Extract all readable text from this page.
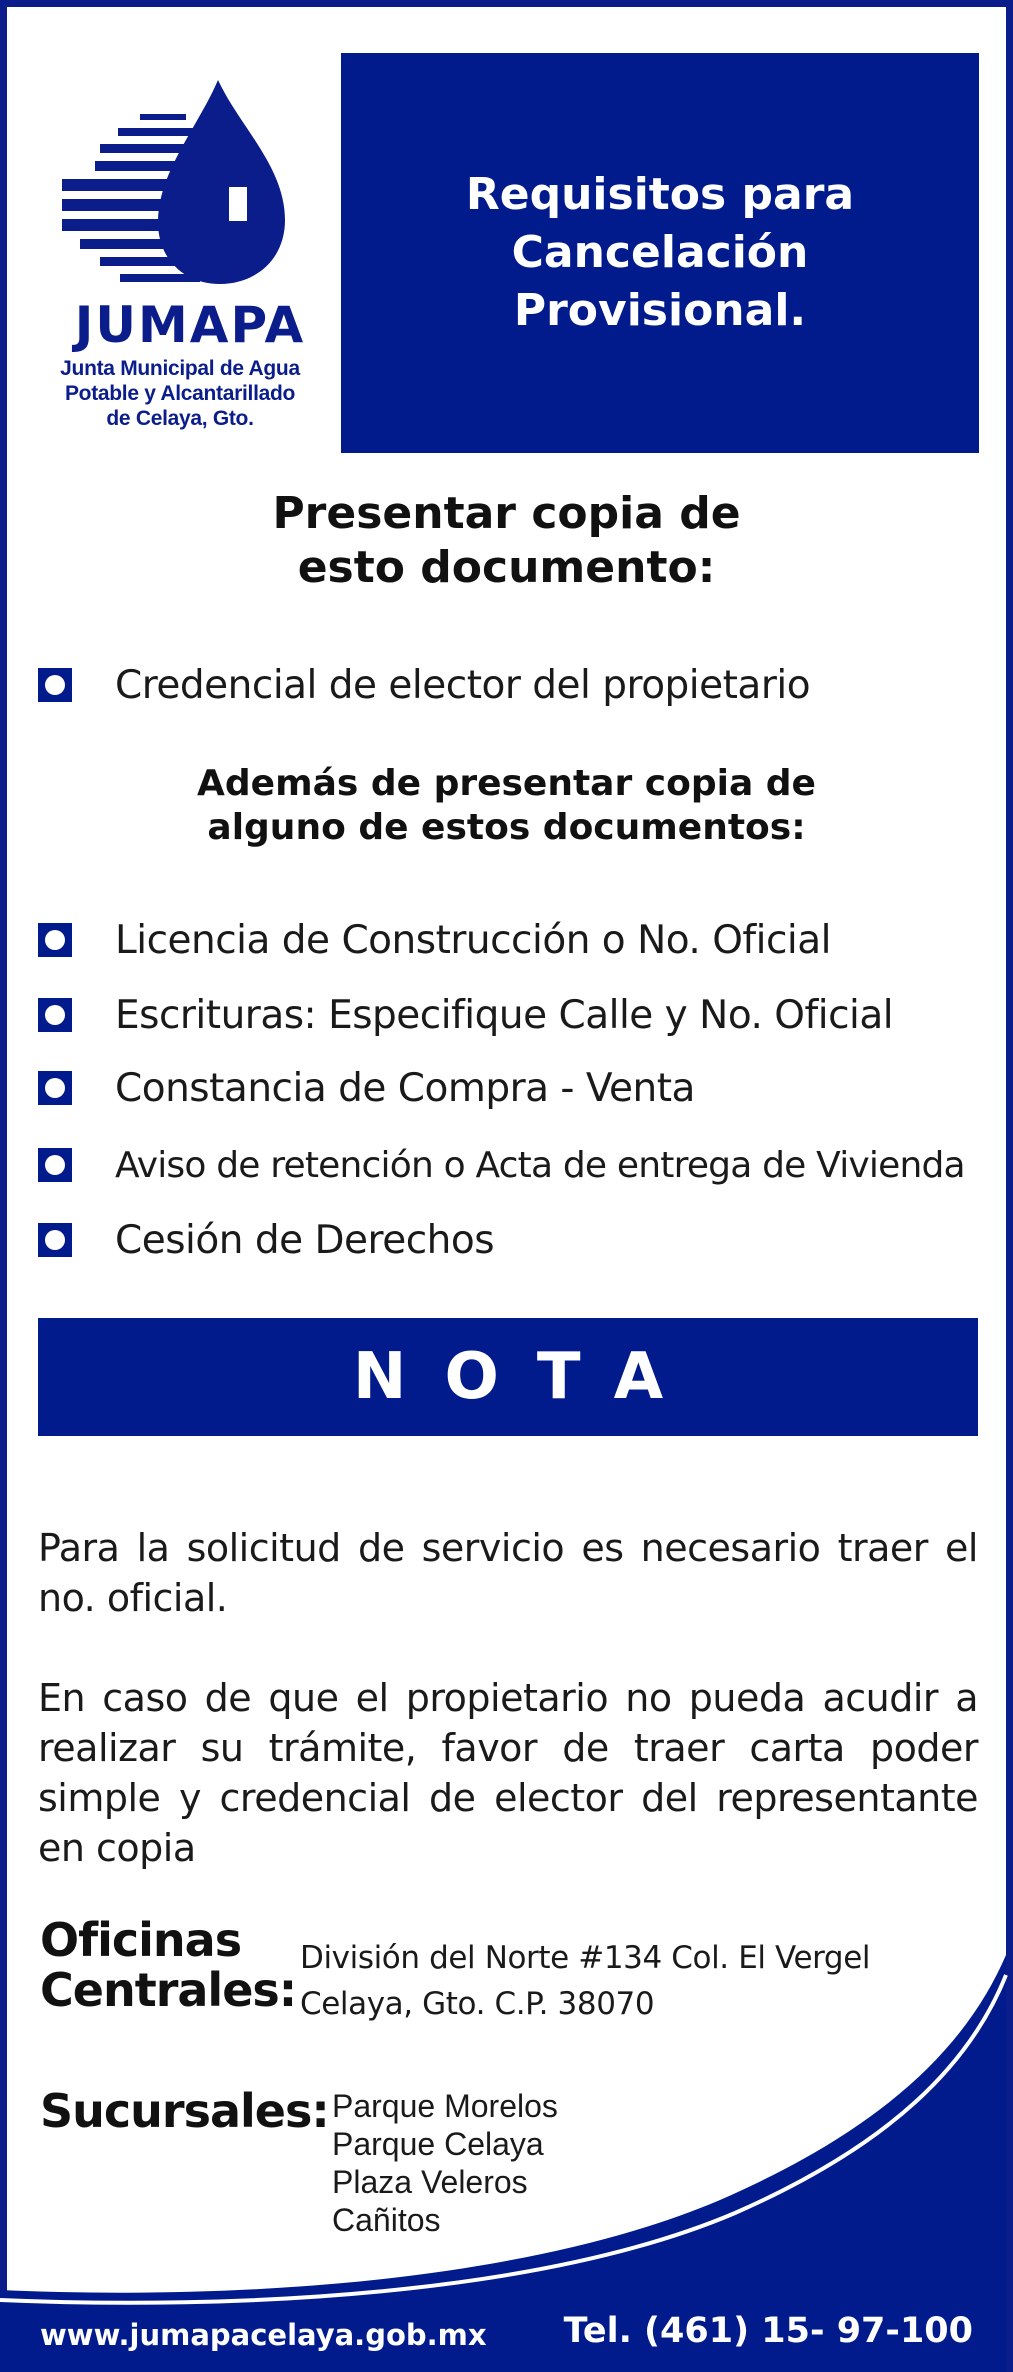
JUMAPA
Junta Municipal de Agua
Potable y Alcantarillado
de Celaya, Gto.
Requisitos para
Cancelación
Provisional.
Presentar copia de
esto documento:
Credencial de elector del propietario
Además de presentar copia de
alguno de estos documentos:
Licencia de Construcción o No. Oficial
Escrituras: Especifique Calle y No. Oficial
Constancia de Compra - Venta
Aviso de retención o Acta de entrega de Vivienda
Cesión de Derechos
NOTA
Para la solicitud de servicio es necesario traer el no. oficial.
En caso de que el propietario no pueda acudir a realizar su trámite, favor de traer carta poder simple y credencial de elector del representante en copia
Oficinas
Centrales:
División del Norte #134 Col. El Vergel
Celaya, Gto. C.P. 38070
Sucursales: Parque Morelos
Parque Celaya
Plaza Veleros
Cañitos
www.jumapacelaya.gob.mx Tel. (461) 15- 97-100
